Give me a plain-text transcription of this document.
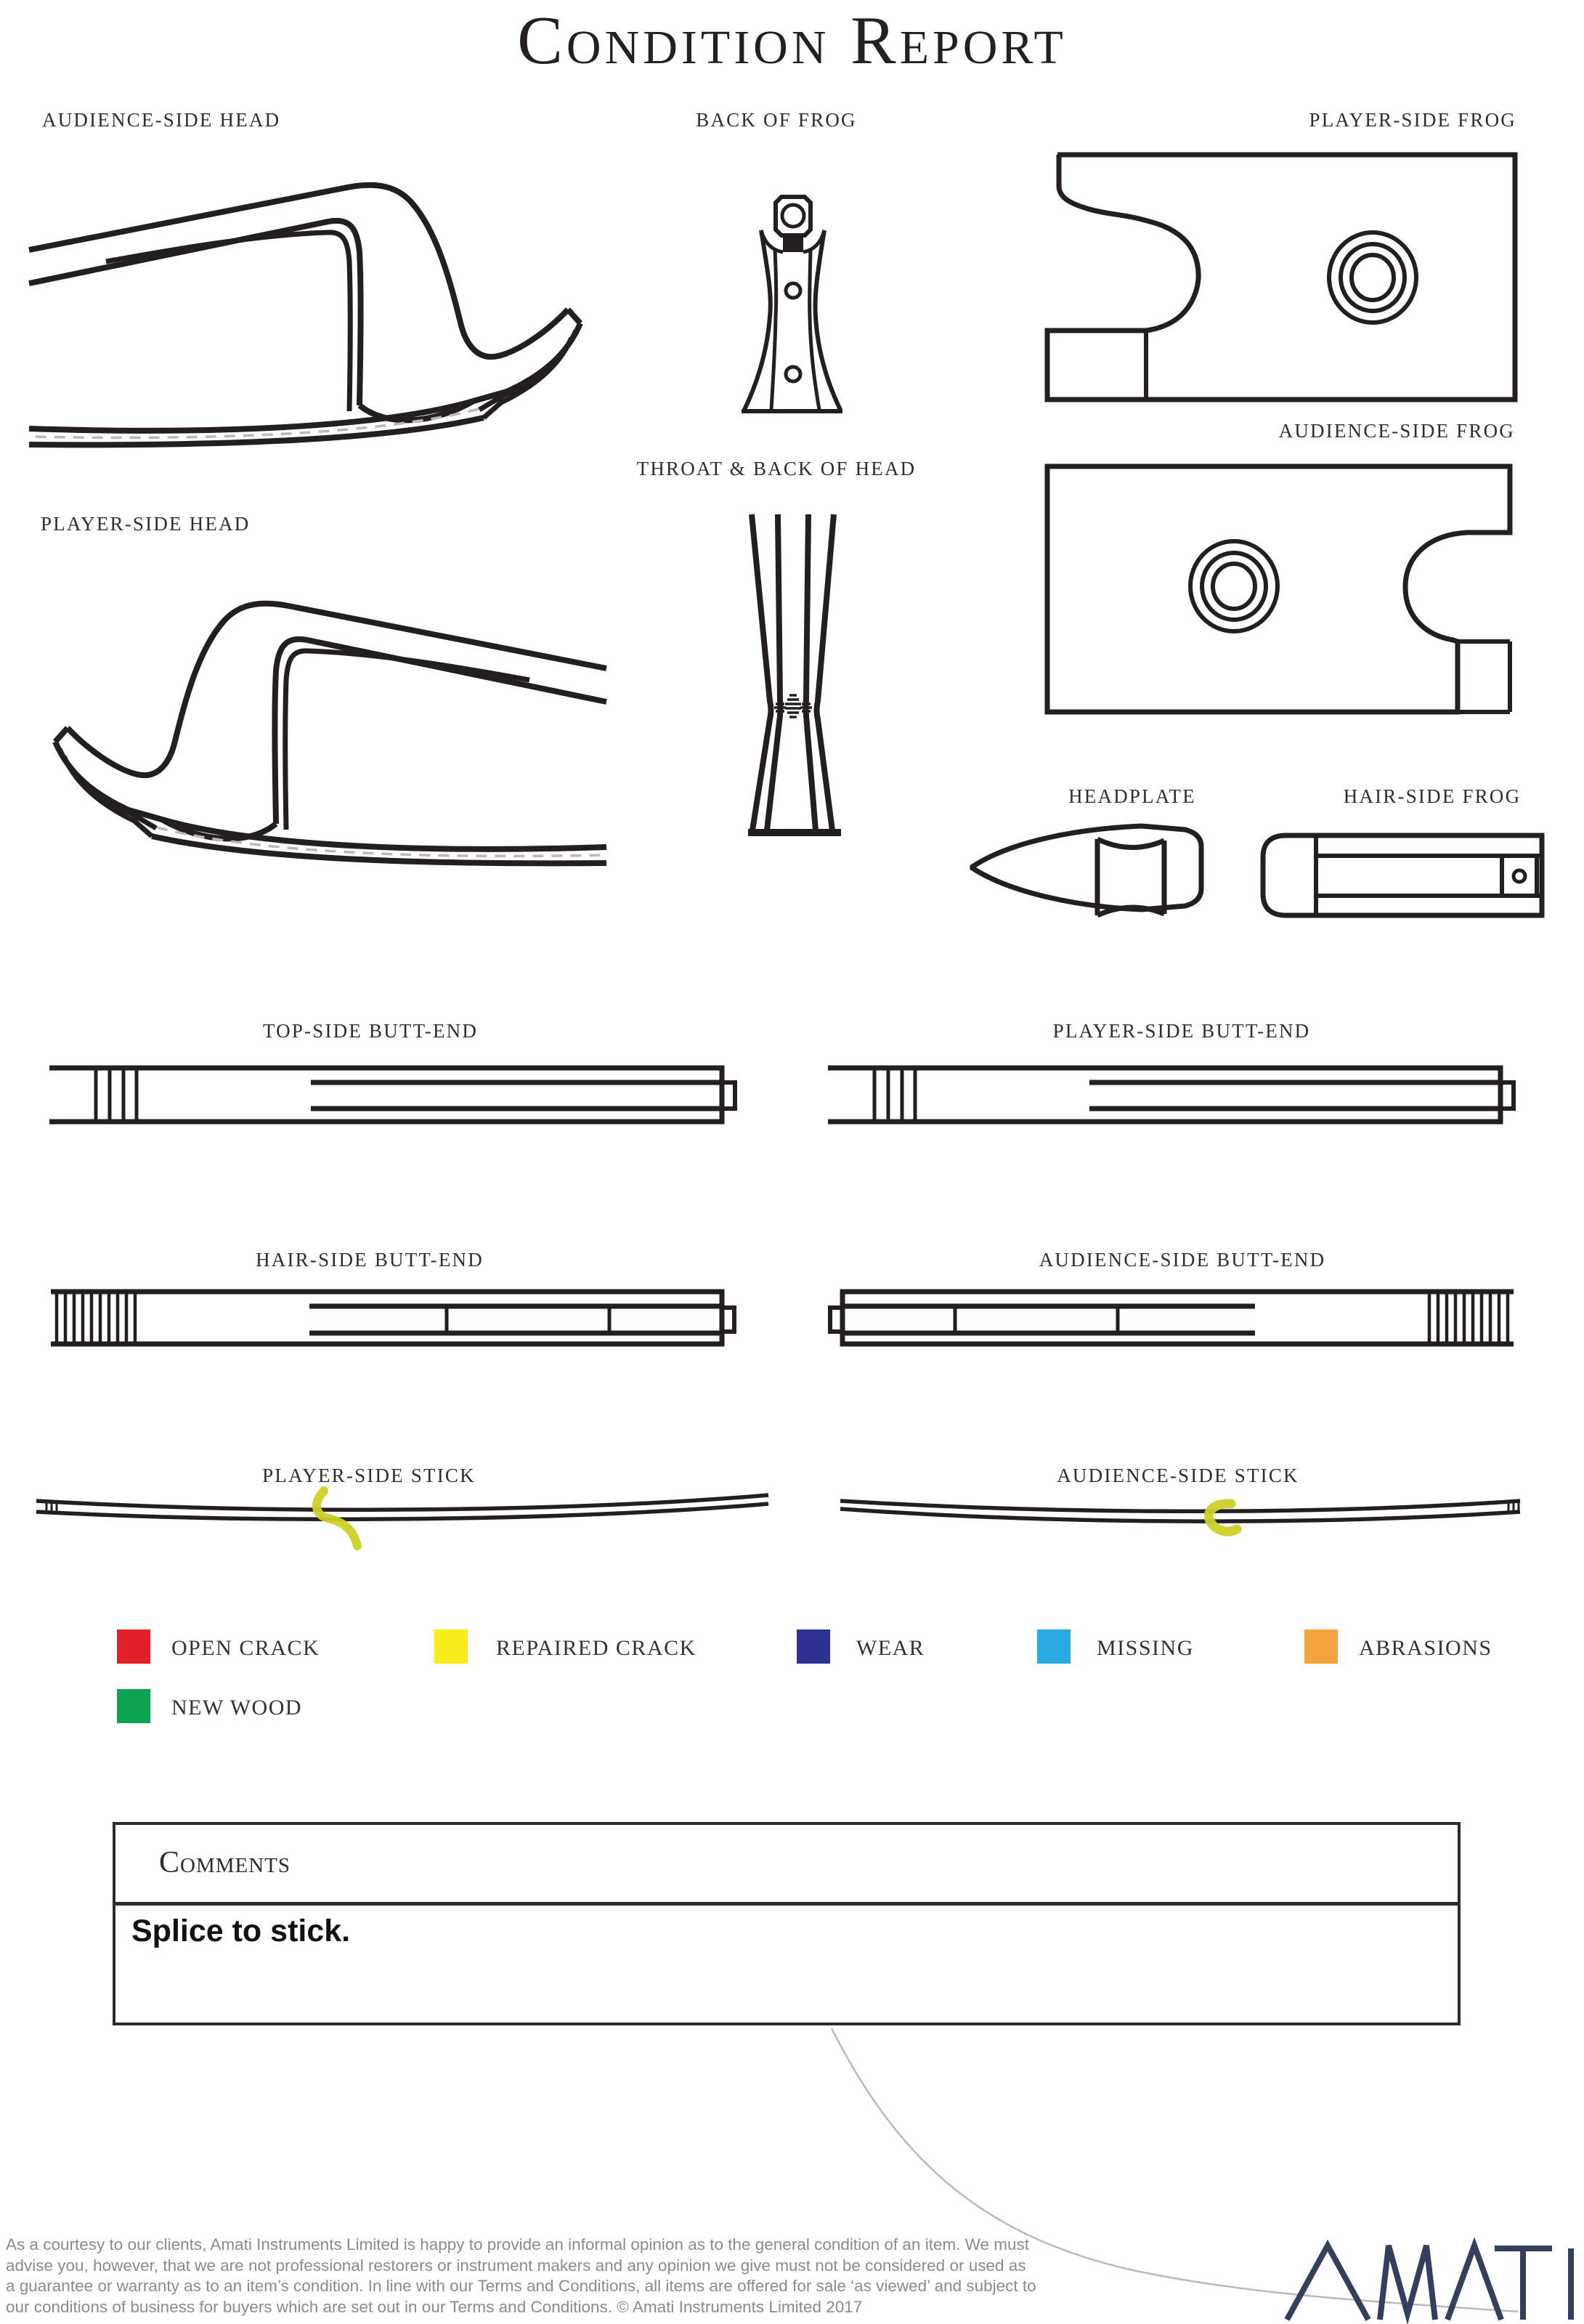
Condition Report
AUDIENCE-SIDE HEAD	BACK OF FROG	PLAYER-SIDE FROG
AUDIENCE-SIDE FROG
PLAYER-SIDE HEAD
THROAT & BACK OF HEAD
HEADPLATE	HAIR-SIDE FROG
TOP-SIDE BUTT-END	PLAYER-SIDE BUTT-END
HAIR-SIDE BUTT-END	AUDIENCE-SIDE BUTT-END
PLAYER-SIDE STICK	AUDIENCE-SIDE STICK
OPEN CRACK	REPAIRED CRACK	WEAR	MISSING	ABRASIONS
NEW WOOD
Comments
Splice to stick.
As a courtesy to our clients, Amati Instruments Limited is happy to provide an informal opinion as to the general condition of an item. We must
advise you, however, that we are not professional restorers or instrument makers and any opinion we give must not be considered or used as
a guarantee or warranty as to an item’s condition. In line with our Terms and Conditions, all items are offered for sale ‘as viewed’ and subject to
our conditions of business for buyers which are set out in our Terms and Conditions. © Amati Instruments Limited 2017
